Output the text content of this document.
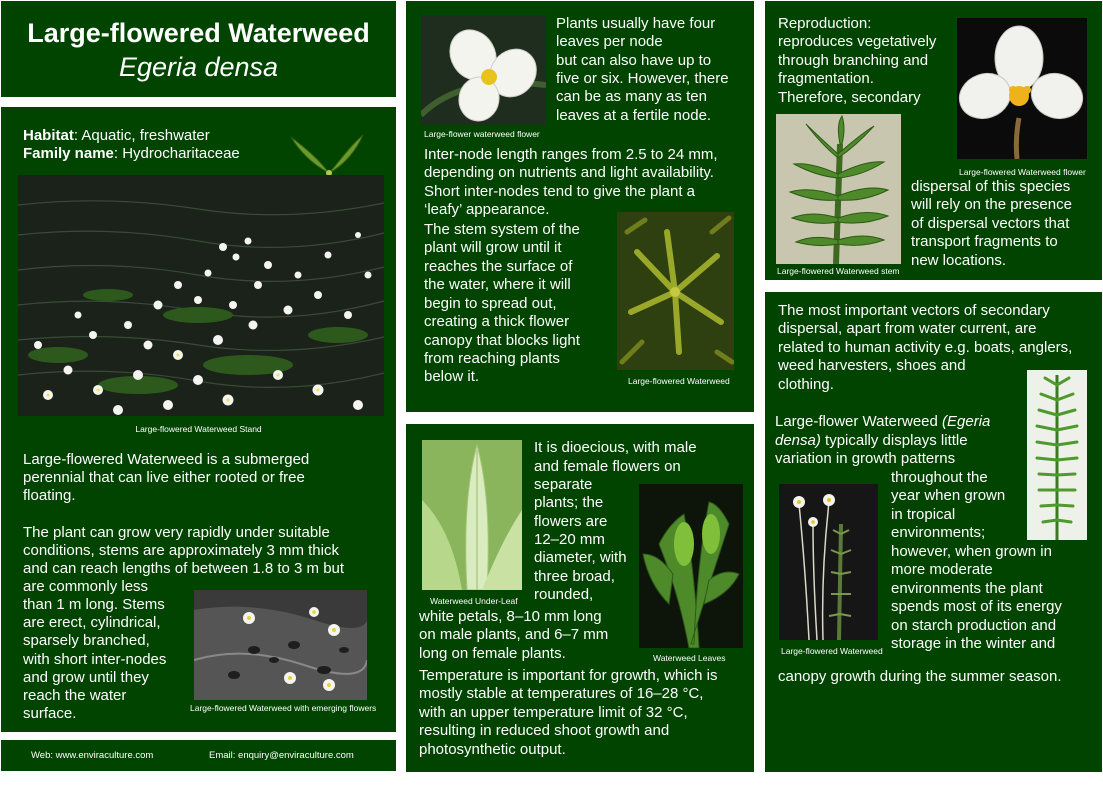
Large-flowered Waterweed
Egeria densa
Habitat: Aquatic, freshwater
Family name: Hydrocharitaceae
Large-flowered Waterweed Stand
Large-flowered Waterweed is a submerged
perennial that can live either rooted or free
floating.
The plant can grow very rapidly under suitable
conditions, stems are approximately 3 mm thick
and can reach lengths of between 1.8 to 3 m but
are commonly less
than 1 m long. Stems
are erect, cylindrical,
sparsely branched,
with short inter-nodes
and grow until they
reach the water
surface.	Large-flowered Waterweed with emerging flowers
Web: www.enviraculture.com	Email: enquiry@enviraculture.com
Large-flower waterweed flower
Plants usually have four
leaves per node
but can also have up to
five or six. However, there
can be as many as ten
leaves at a fertile node.
Inter-node length ranges from 2.5 to 24 mm,
depending on nutrients and light availability.
Short inter-nodes tend to give the plant a
‘leafy’ appearance.
The stem system of the
plant will grow until it
reaches the surface of
the water, where it will
begin to spread out,
creating a thick flower
canopy that blocks light
from reaching plants
below it.	Large-flowered Waterweed
Waterweed Under-Leaf
It is dioecious, with male
and female flowers on
separate
plants; the
flowers are
12–20 mm
diameter, with
three broad,
rounded,
white petals, 8–10 mm long
on male plants, and 6–7 mm
long on female plants.	Waterweed Leaves
Temperature is important for growth, which is
mostly stable at temperatures of 16–28 °C,
with an upper temperature limit of 32 °C,
resulting in reduced shoot growth and
photosynthetic output.
Reproduction:
reproduces vegetatively
through branching and
fragmentation.
Therefore, secondary
Large-flowered Waterweed flower
Large-flowered Waterweed stem
dispersal of this species
will rely on the presence
of dispersal vectors that
transport fragments to
new locations.
The most important vectors of secondary
dispersal, apart from water current, are
related to human activity e.g. boats, anglers,
weed harvesters, shoes and
clothing.
Large-flower Waterweed (Egeria
densa) typically displays little
variation in growth patterns
throughout the
year when grown
in tropical
environments;
however, when grown in
more moderate
environments the plant
spends most of its energy
on starch production and
storage in the winter and
Large-flowered Waterweed
canopy growth during the summer season.
